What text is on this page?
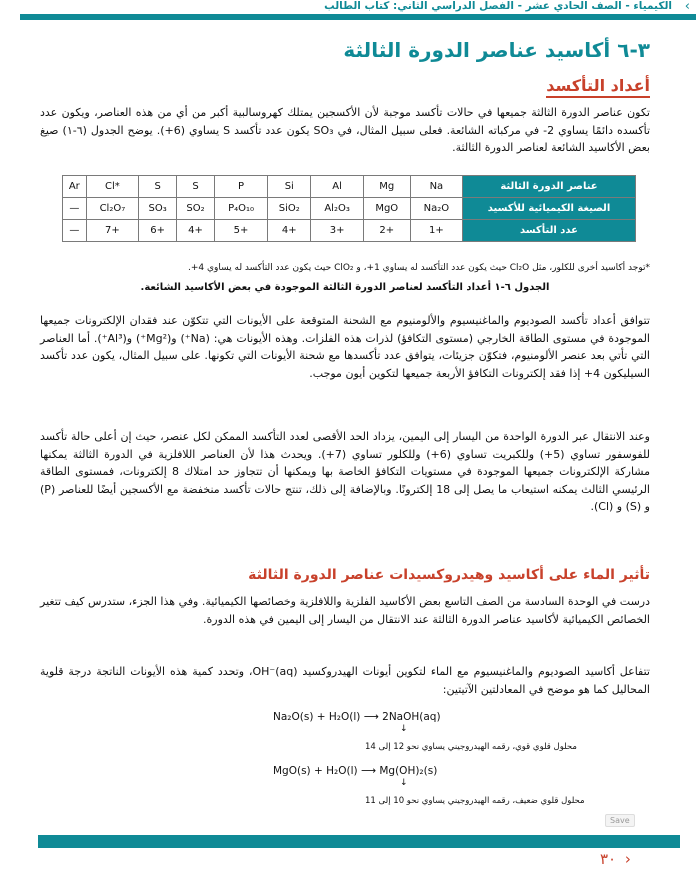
الكيمياء - الصف الحادي عشر - الفصل الدراسي الثاني: كتاب الطالب ‹
٣-٦ أكاسيد عناصر الدورة الثالثة
أعداد التأكسد
تكون عناصر الدورة الثالثة جميعها في حالات تأكسد موجبة لأن الأكسجين يمتلك كهروسالبية أكبر من أي من هذه العناصر، ويكون عدد تأكسده دائمًا يساوي 2- في مركباته الشائعة. فعلى سبيل المثال، في SO₃ يكون عدد تأكسد S يساوي (6+). يوضح الجدول (٦-١) صيغ بعض الأكاسيد الشائعة لعناصر الدورة الثالثة.
عناصر الدورة الثالثة	Na	Mg	Al	Si	P	S	S	*Cl	Ar
الصيغة الكيميائية للأكسيد	Na₂O	MgO	Al₂O₃	SiO₂	P₄O₁₀	SO₂	SO₃	Cl₂O₇	—
عدد التأكسد	+1	+2	+3	+4	+5	+4	+6	+7	—
*توجد أكاسيد أخرى للكلور، مثل Cl₂O حيث يكون عدد التأكسد له يساوي 1+، و ClO₂ حيث يكون عدد التأكسد له يساوي 4+.
الجدول ٦-١ أعداد التأكسد لعناصر الدورة الثالثة الموجودة في بعض الأكاسيد الشائعة.
تتوافق أعداد تأكسد الصوديوم والماغنيسيوم والألومنيوم مع الشحنة المتوقعة على الأيونات التي تتكوّن عند فقدان الإلكترونات جميعها الموجودة في مستوى الطاقة الخارجي (مستوى التكافؤ) لذرات هذه الفلزات. وهذه الأيونات هي: (Na⁺) و(Mg²⁺) و(Al³⁺). أما العناصر التي تأتي بعد عنصر الألومنيوم، فتكوّن جزيئات، يتوافق عدد تأكسدها مع شحنة الأيونات التي تكونها. على سبيل المثال، يكون عدد تأكسد السيليكون 4+ إذا فقد إلكترونات التكافؤ الأربعة جميعها لتكوين أيون موجب.
وعند الانتقال عبر الدورة الواحدة من اليسار إلى اليمين، يزداد الحد الأقصى لعدد التأكسد الممكن لكل عنصر، حيث إن أعلى حالة تأكسد للفوسفور تساوي (5+) وللكبريت تساوي (6+) وللكلور تساوي (7+). ويحدث هذا لأن العناصر اللافلزية في الدورة الثالثة يمكنها مشاركة الإلكترونات جميعها الموجودة في مستويات التكافؤ الخاصة بها ويمكنها أن تتجاوز حد امتلاك 8 إلكترونات، فمستوى الطاقة الرئيسي الثالث يمكنه استيعاب ما يصل إلى 18 إلكترونًا. وبالإضافة إلى ذلك، تنتج حالات تأكسد منخفضة مع الأكسجين أيضًا للعناصر (P) و (S) و (Cl).
تأثير الماء على أكاسيد وهيدروكسيدات عناصر الدورة الثالثة
درست في الوحدة السادسة من الصف التاسع بعض الأكاسيد الفلزية واللافلزية وخصائصها الكيميائية. وفي هذا الجزء، ستدرس كيف تتغير الخصائص الكيميائية لأكاسيد عناصر الدورة الثالثة عند الانتقال من اليسار إلى اليمين في هذه الدورة.
تتفاعل أكاسيد الصوديوم والماغنيسيوم مع الماء لتكوين أيونات الهيدروكسيد OH⁻(aq)، وتحدد كمية هذه الأيونات الناتجة درجة قلوية المحاليل كما هو موضح في المعادلتين الآتيتين:
Na₂O(s) + H₂O(l) ⟶ 2NaOH(aq)
↓
محلول قلوي قوي، رقمه الهيدروجيني يساوي نحو 12 إلى 14
MgO(s) + H₂O(l) ⟶ Mg(OH)₂(s)
↓
محلول قلوي ضعيف، رقمه الهيدروجيني يساوي نحو 10 إلى 11
Save
‹ ٣٠
